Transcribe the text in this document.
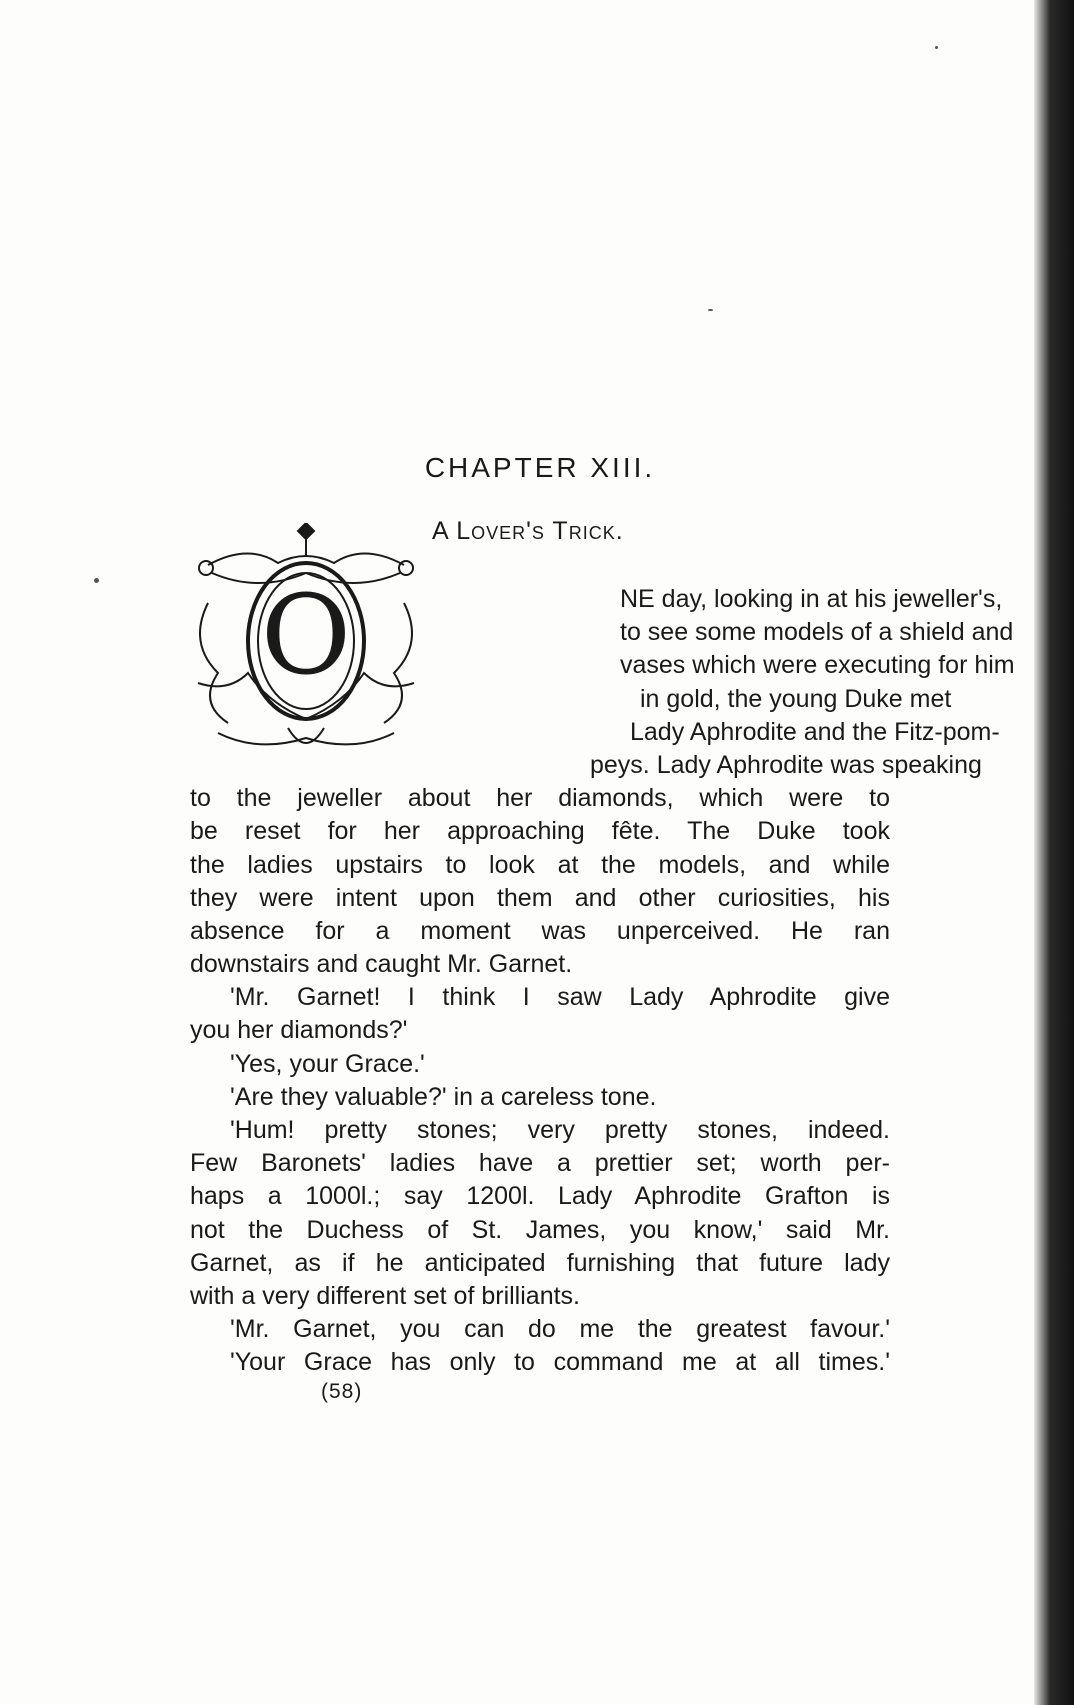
CHAPTER XIII.
A Lover's Trick.
O	NE day, looking in at his jeweller's,
to see some models of a shield and
vases which were executing for him
in gold, the young Duke met
Lady Aphrodite and the Fitz-pom-
peys. Lady Aphrodite was speaking
to the jeweller about her diamonds, which were to
be reset for her approaching fête. The Duke took
the ladies upstairs to look at the models, and while
they were intent upon them and other curiosities, his
absence for a moment was unperceived. He ran
downstairs and caught Mr. Garnet.
'Mr. Garnet! I think I saw Lady Aphrodite give
you her diamonds?'
'Yes, your Grace.'
'Are they valuable?' in a careless tone.
'Hum! pretty stones; very pretty stones, indeed.
Few Baronets' ladies have a prettier set; worth per-
haps a 1000l.; say 1200l. Lady Aphrodite Grafton is
not the Duchess of St. James, you know,' said Mr.
Garnet, as if he anticipated furnishing that future lady
with a very different set of brilliants.
'Mr. Garnet, you can do me the greatest favour.'
'Your Grace has only to command me at all times.'
(58)
